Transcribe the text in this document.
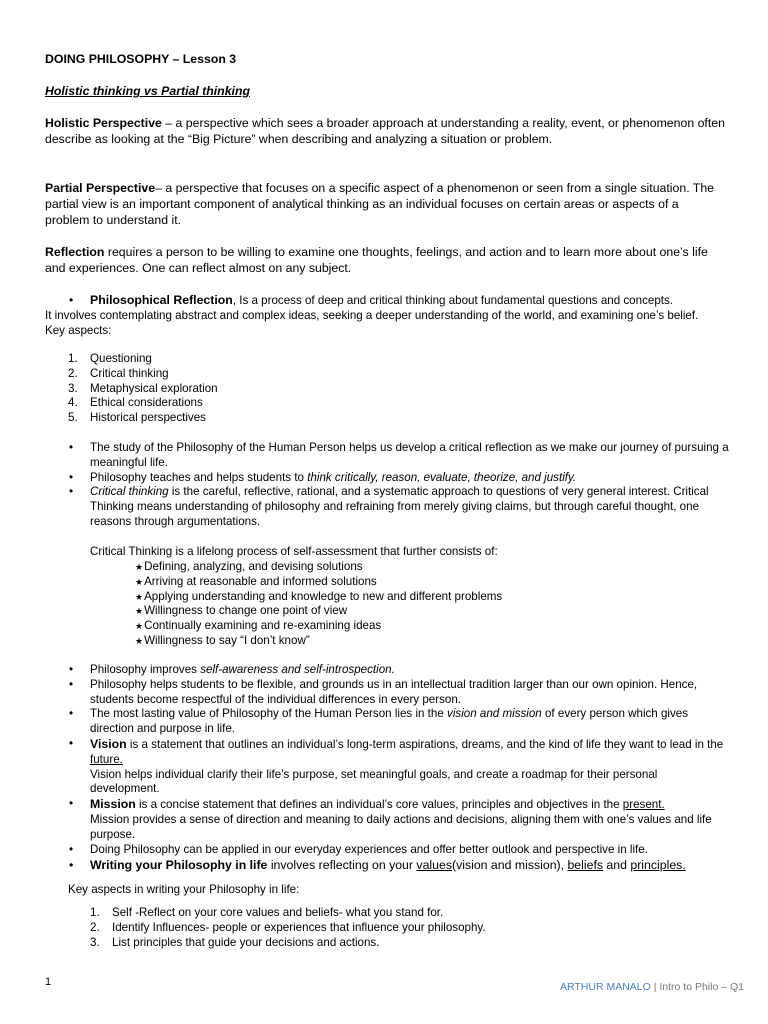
DOING PHILOSOPHY – Lesson 3
Holistic thinking vs Partial thinking
Holistic Perspective – a perspective which sees a broader approach at understanding a reality, event, or phenomenon often describe as looking at the “Big Picture” when describing and analyzing a situation or problem.
Partial Perspective– a perspective that focuses on a specific aspect of a phenomenon or seen from a single situation. The partial view is an important component of analytical thinking as an individual focuses on certain areas or aspects of a problem to understand it.
Reflection requires a person to be willing to examine one thoughts, feelings, and action and to learn more about one’s life and experiences. One can reflect almost on any subject.
• Philosophical Reflection, Is a process of deep and critical thinking about fundamental questions and concepts.
It involves contemplating abstract and complex ideas, seeking a deeper understanding of the world, and examining one’s belief.
Key aspects:
1. Questioning
2. Critical thinking
3. Metaphysical exploration
4. Ethical considerations
5. Historical perspectives
• The study of the Philosophy of the Human Person helps us develop a critical reflection as we make our journey of pursuing a meaningful life.
• Philosophy teaches and helps students to think critically, reason, evaluate, theorize, and justify.
• Critical thinking is the careful, reflective, rational, and a systematic approach to questions of very general interest. Critical Thinking means understanding of philosophy and refraining from merely giving claims, but through careful thought, one reasons through argumentations.
Critical Thinking is a lifelong process of self-assessment that further consists of:
★Defining, analyzing, and devising solutions
★Arriving at reasonable and informed solutions
★Applying understanding and knowledge to new and different problems
★Willingness to change one point of view
★Continually examining and re-examining ideas
★Willingness to say “I don’t know”
• Philosophy improves self-awareness and self-introspection.
• Philosophy helps students to be flexible, and grounds us in an intellectual tradition larger than our own opinion. Hence, students become respectful of the individual differences in every person.
• The most lasting value of Philosophy of the Human Person lies in the vision and mission of every person which gives direction and purpose in life.
• Vision is a statement that outlines an individual’s long-term aspirations, dreams, and the kind of life they want to lead in the future.
Vision helps individual clarify their life’s purpose, set meaningful goals, and create a roadmap for their personal development.
• Mission is a concise statement that defines an individual’s core values, principles and objectives in the present.
Mission provides a sense of direction and meaning to daily actions and decisions, aligning them with one’s values and life purpose.
• Doing Philosophy can be applied in our everyday experiences and offer better outlook and perspective in life.
• Writing your Philosophy in life involves reflecting on your values(vision and mission), beliefs and principles.
Key aspects in writing your Philosophy in life:
1. Self -Reflect on your core values and beliefs- what you stand for.
2. Identify Influences- people or experiences that influence your philosophy.
3. List principles that guide your decisions and actions.
1	ARTHUR MANALO | Intro to Philo – Q1
